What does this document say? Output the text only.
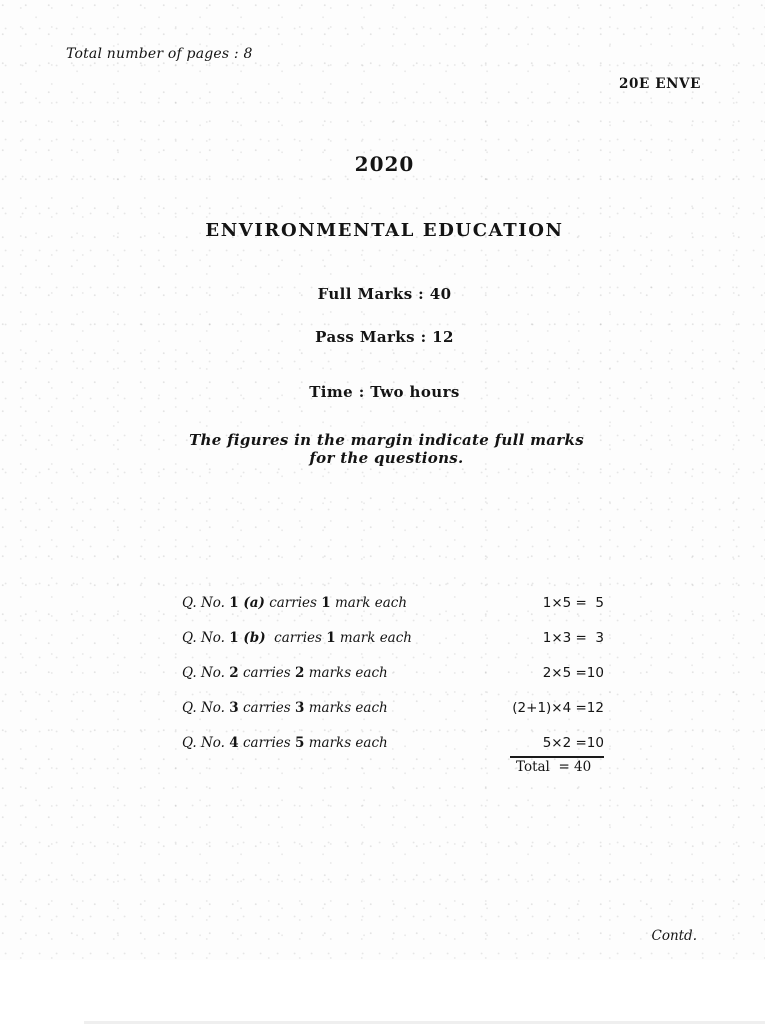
Total number of pages : 8
20E ENVE
2020
ENVIRONMENTAL EDUCATION
Full Marks : 40
Pass Marks : 12
Time : Two hours
The figures in the margin indicate full marks
for the questions.
Q. No. 1 (a) carries 1 mark each	1×5 =  5
Q. No. 1 (b)  carries 1 mark each	1×3 =  3
Q. No. 2 carries 2 marks each	2×5 =10
Q. No. 3 carries 3 marks each	(2+1)×4 =12
Q. No. 4 carries 5 marks each	5×2 =10
Total  = 40
Contd.
